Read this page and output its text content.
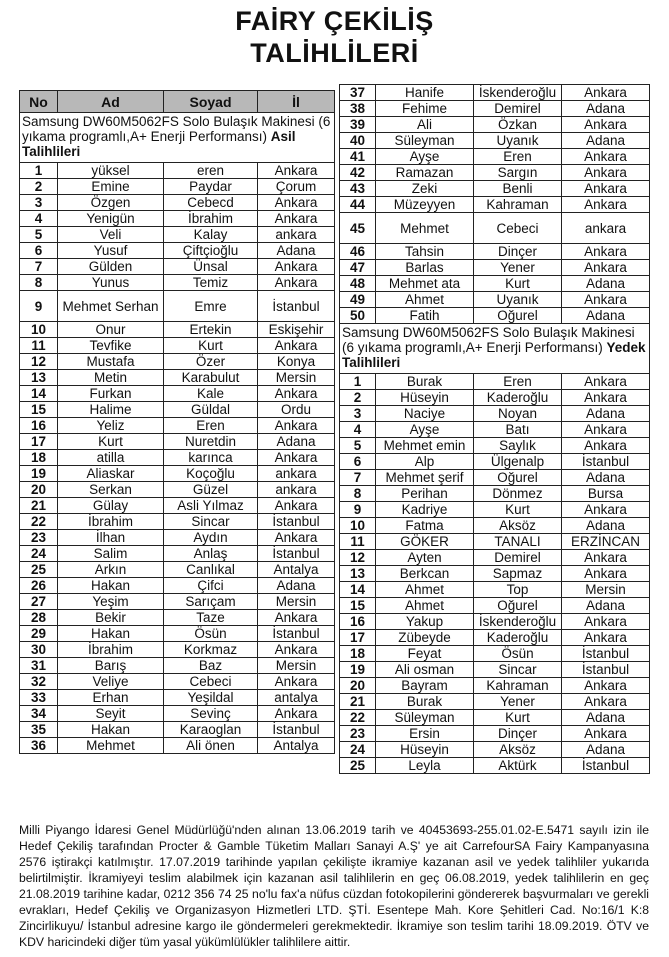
FAİRY ÇEKİLİŞ
TALİHLİLERİ
No	Ad	Soyad	İl
Samsung DW60M5062FS Solo Bulaşık Makinesi (6 yıkama programlı,A+ Enerji Performansı) Asil Talihlileri			
1	yüksel	eren	Ankara
2	Emine	Paydar	Çorum
3	Özgen	Cebecd	Ankara
4	Yenigün	İbrahim	Ankara
5	Veli	Kalay	ankara
6	Yusuf	Çiftçioğlu	Adana
7	Gülden	Ünsal	Ankara
8	Yunus	Temiz	Ankara
9	Mehmet Serhan	Emre	İstanbul
10	Onur	Ertekin	Eskişehir
11	Tevfike	Kurt	Ankara
12	Mustafa	Özer	Konya
13	Metin	Karabulut	Mersin
14	Furkan	Kale	Ankara
15	Halime	Güldal	Ordu
16	Yeliz	Eren	Ankara
17	Kurt	Nuretdin	Adana
18	atilla	karınca	Ankara
19	Aliaskar	Koçoğlu	ankara
20	Serkan	Güzel	ankara
21	Gülay	Asli Yılmaz	Ankara
22	İbrahim	Sincar	İstanbul
23	İlhan	Aydın	Ankara
24	Salim	Anlaş	İstanbul
25	Arkın	Canlıkal	Antalya
26	Hakan	Çifci	Adana
27	Yeşim	Sarıçam	Mersin
28	Bekir	Taze	Ankara
29	Hakan	Ösün	İstanbul
30	İbrahim	Korkmaz	Ankara
31	Barış	Baz	Mersin
32	Veliye	Cebeci	Ankara
33	Erhan	Yeşildal	antalya
34	Seyit	Sevinç	Ankara
35	Hakan	Karaoglan	İstanbul
36	Mehmet	Ali önen	Antalya
37	Hanife	İskenderoğlu	Ankara
38	Fehime	Demirel	Adana
39	Ali	Özkan	Ankara
40	Süleyman	Uyanık	Adana
41	Ayşe	Eren	Ankara
42	Ramazan	Sargın	Ankara
43	Zeki	Benli	Ankara
44	Müzeyyen	Kahraman	Ankara
45	Mehmet	Cebeci	ankara
46	Tahsin	Dinçer	Ankara
47	Barlas	Yener	Ankara
48	Mehmet ata	Kurt	Adana
49	Ahmet	Uyanık	Ankara
50	Fatih	Oğurel	Adana
Samsung DW60M5062FS Solo Bulaşık Makinesi (6 yıkama programlı,A+ Enerji Performansı) Yedek Talihlileri			
1	Burak	Eren	Ankara
2	Hüseyin	Kaderoğlu	Ankara
3	Naciye	Noyan	Adana
4	Ayşe	Batı	Ankara
5	Mehmet emin	Saylık	Ankara
6	Alp	Ülgenalp	İstanbul
7	Mehmet şerif	Oğurel	Adana
8	Perihan	Dönmez	Bursa
9	Kadriye	Kurt	Ankara
10	Fatma	Aksöz	Adana
11	GÖKER	TANALI	ERZİNCAN
12	Ayten	Demirel	Ankara
13	Berkcan	Sapmaz	Ankara
14	Ahmet	Top	Mersin
15	Ahmet	Oğurel	Adana
16	Yakup	İskenderoğlu	Ankara
17	Zübeyde	Kaderoğlu	Ankara
18	Feyat	Ösün	İstanbul
19	Ali osman	Sincar	İstanbul
20	Bayram	Kahraman	Ankara
21	Burak	Yener	Ankara
22	Süleyman	Kurt	Adana
23	Ersin	Dinçer	Ankara
24	Hüseyin	Aksöz	Adana
25	Leyla	Aktürk	İstanbul
Milli Piyango İdaresi Genel Müdürlüğü'nden alınan 13.06.2019 tarih ve 40453693-255.01.02-E.5471 sayılı izin ile Hedef Çekiliş tarafından Procter & Gamble Tüketim Malları Sanayi A.Ş' ye ait CarrefourSA Fairy Kampanyasına 2576 iştirakçi katılmıştır. 17.07.2019 tarihinde yapılan çekilişte ikramiye kazanan asil ve yedek talihliler yukarıda belirtilmiştir. İkramiyeyi teslim alabilmek için kazanan asil talihlilerin en geç 06.08.2019, yedek talihlilerin en geç 21.08.2019 tarihine kadar, 0212 356 74 25 no'lu fax'a nüfus cüzdan fotokopilerini göndererek başvurmaları ve gerekli evrakları, Hedef Çekiliş ve Organizasyon Hizmetleri LTD. ŞTİ. Esentepe Mah. Kore Şehitleri Cad. No:16/1 K:8 Zincirlikuyu/ İstanbul adresine kargo ile göndermeleri gerekmektedir. İkramiye son teslim tarihi 18.09.2019. ÖTV ve KDV haricindeki diğer tüm yasal yükümlülükler talihlilere aittir.
